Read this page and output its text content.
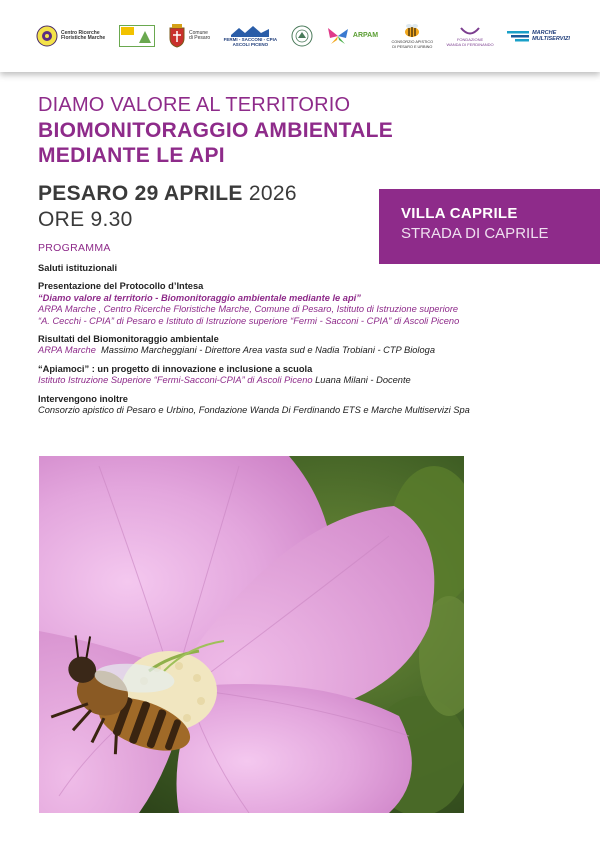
Centro Ricerche
Floristiche Marche
Comune
di Pesaro	FERMI - SACCONI - CPIA
ASCOLI PICENO
ARPAM
CONSORZIO APISTICO
DI PESARO E URBINO
FONDAZIONE
WANDA DI FERDINANDO
MARCHE
MULTISERVIZI
DIAMO VALORE AL TERRITORIO
BIOMONITORAGGIO AMBIENTALE
MEDIANTE LE API
PESARO 29 APRILE 2026
ORE 9.30	VILLA CAPRILE
STRADA DI CAPRILE
PROGRAMMA
Saluti istituzionali
Presentazione del Protocollo d’Intesa
“Diamo valore al territorio - Biomonitoraggio ambientale mediante le api”
ARPA Marche , Centro Ricerche Floristiche Marche, Comune di Pesaro, Istituto di Istruzione superiore
“A. Cecchi - CPIA” di Pesaro e Istituto di Istruzione superiore “Fermi - Sacconi - CPIA” di Ascoli Piceno
Risultati del Biomonitoraggio ambientale
ARPA Marche Massimo Marcheggiani - Direttore Area vasta sud e Nadia Trobiani - CTP Biologa
“Apiamoci” : un progetto di innovazione e inclusione a scuola
Istituto Istruzione Superiore “Fermi-Sacconi-CPIA” di Ascoli Piceno Luana Milani - Docente
Intervengono inoltre
Consorzio apistico di Pesaro e Urbino, Fondazione Wanda Di Ferdinando ETS e Marche Multiservizi Spa
